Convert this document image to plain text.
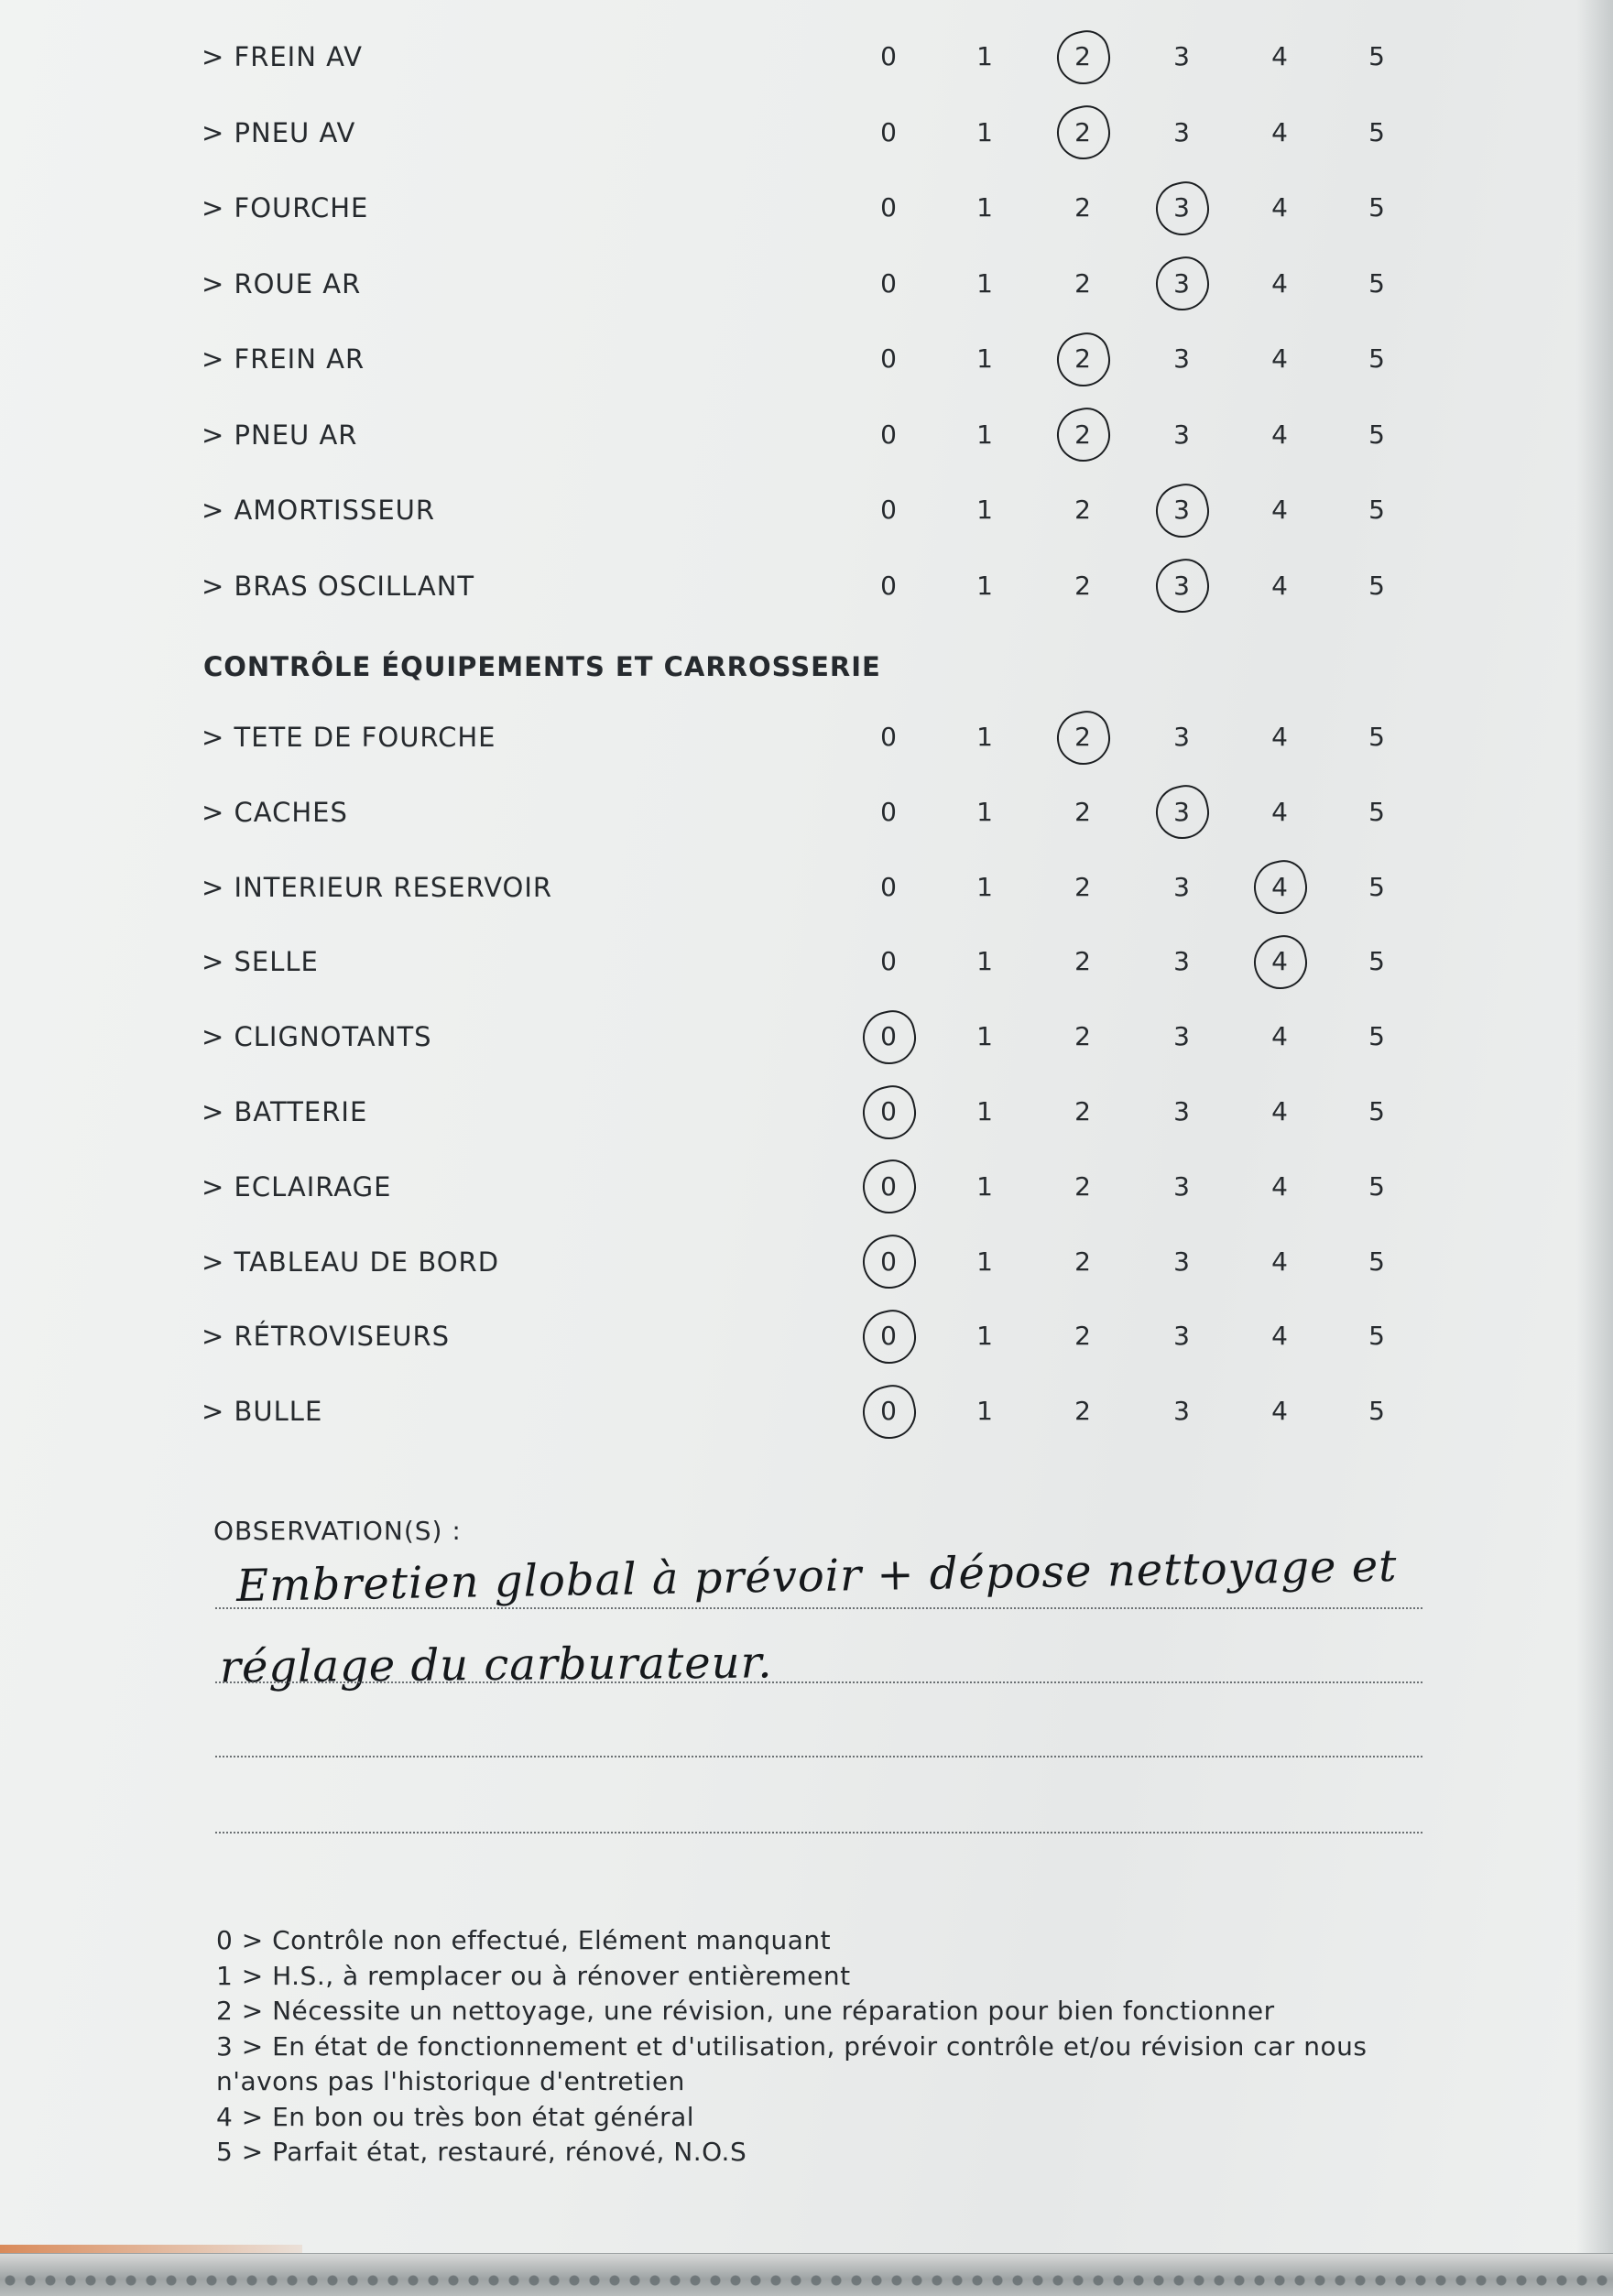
> FREIN AV	0	1	2	3	4	5
> PNEU AV	0	1	2	3	4	5
> FOURCHE	0	1	2	3	4	5
> ROUE AR	0	1	2	3	4	5
> FREIN AR	0	1	2	3	4	5
> PNEU AR	0	1	2	3	4	5
> AMORTISSEUR	0	1	2	3	4	5
> BRAS OSCILLANT	0	1	2	3	4	5
> TETE DE FOURCHE	0	1	2	3	4	5
> CACHES	0	1	2	3	4	5
> INTERIEUR RESERVOIR	0	1	2	3	4	5
> SELLE	0	1	2	3	4	5
> CLIGNOTANTS	0	1	2	3	4	5
> BATTERIE	0	1	2	3	4	5
> ECLAIRAGE	0	1	2	3	4	5
> TABLEAU DE BORD	0	1	2	3	4	5
> RÉTROVISEURS	0	1	2	3	4	5
> BULLE	0	1	2	3	4	5
CONTRÔLE ÉQUIPEMENTS ET CARROSSERIE
OBSERVATION(S) :
Embretien global à prévoir + dépose nettoyage et
réglage du carburateur.
0 > Contrôle non effectué, Elément manquant
1 > H.S., à remplacer ou à rénover entièrement
2 > Nécessite un nettoyage, une révision, une réparation pour bien fonctionner
3 > En état de fonctionnement et d'utilisation, prévoir contrôle et/ou révision car nous
n'avons pas l'historique d'entretien
4 > En bon ou très bon état général
5 > Parfait état, restauré, rénové, N.O.S
